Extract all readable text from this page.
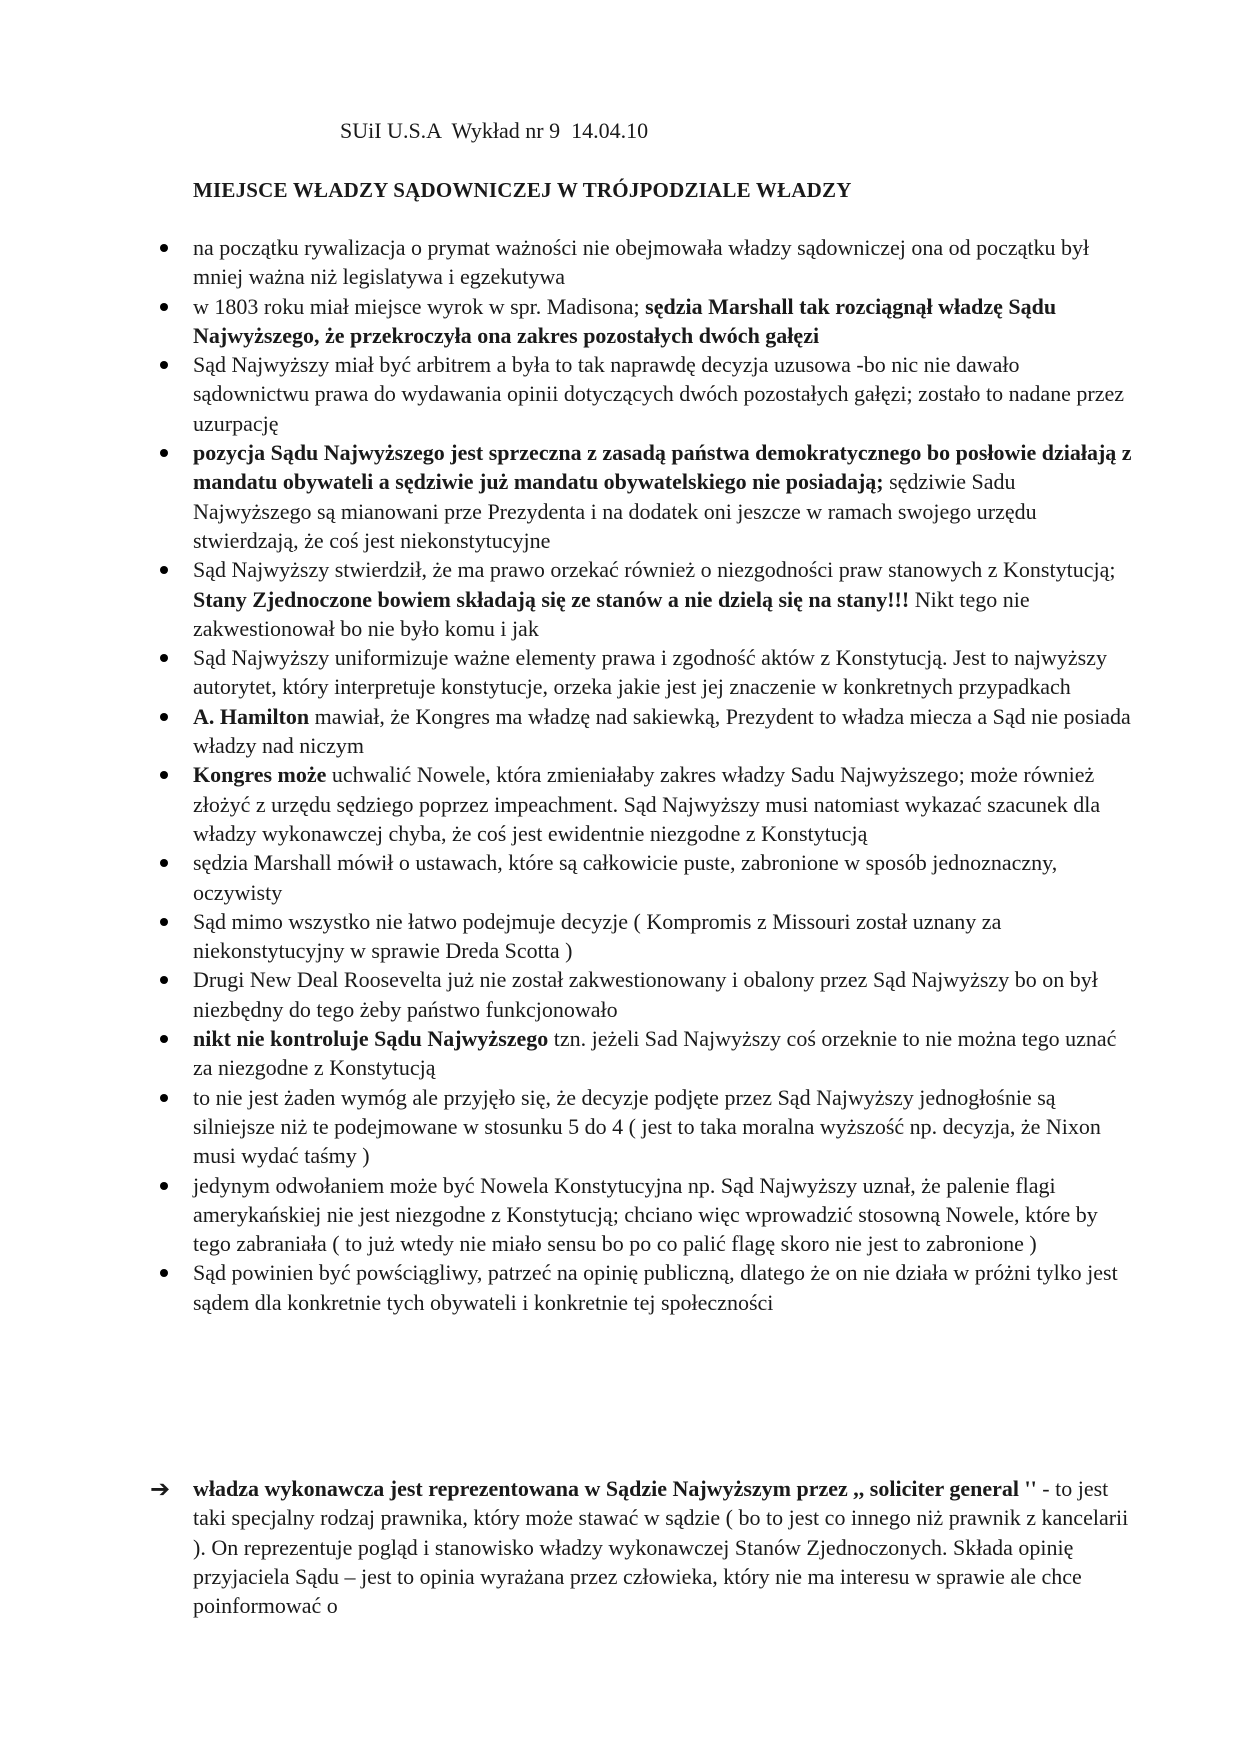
SUiI U.S.A  Wykład nr 9  14.04.10
MIEJSCE WŁADZY SĄDOWNICZEJ W TRÓJPODZIALE WŁADZY
na początku rywalizacja o prymat ważności nie obejmowała władzy sądowniczej ona od początku był mniej ważna niż legislatywa i egzekutywa
w 1803 roku miał miejsce wyrok w spr. Madisona; sędzia Marshall tak rozciągnął władzę Sądu Najwyższego, że przekroczyła ona zakres pozostałych dwóch gałęzi
Sąd Najwyższy miał być arbitrem a była to tak naprawdę decyzja uzusowa -bo nic nie dawało sądownictwu prawa do wydawania opinii dotyczących dwóch pozostałych gałęzi; zostało to nadane przez uzurpację
pozycja Sądu Najwyższego jest sprzeczna z zasadą państwa demokratycznego bo posłowie działają z mandatu obywateli a sędziwie już mandatu obywatelskiego nie posiadają; sędziwie Sadu Najwyższego są mianowani prze Prezydenta i na dodatek oni jeszcze w ramach swojego urzędu stwierdzają, że coś jest niekonstytucyjne
Sąd Najwyższy stwierdził, że ma prawo orzekać również o niezgodności praw stanowych z Konstytucją; Stany Zjednoczone bowiem składają się ze stanów a nie dzielą się na stany!!! Nikt tego nie zakwestionował bo nie było komu i jak
Sąd Najwyższy uniformizuje ważne elementy prawa i zgodność aktów z Konstytucją. Jest to najwyższy autorytet, który interpretuje konstytucje, orzeka jakie jest jej znaczenie w konkretnych przypadkach
A. Hamilton mawiał, że Kongres ma władzę nad sakiewką, Prezydent to władza miecza a Sąd nie posiada władzy nad niczym
Kongres może uchwalić Nowele, która zmieniałaby zakres władzy Sadu Najwyższego; może również złożyć z urzędu sędziego poprzez impeachment. Sąd Najwyższy musi natomiast wykazać szacunek dla władzy wykonawczej chyba, że coś jest ewidentnie niezgodne z Konstytucją
sędzia Marshall mówił o ustawach, które są całkowicie puste, zabronione w sposób jednoznaczny, oczywisty
Sąd mimo wszystko nie łatwo podejmuje decyzje ( Kompromis z Missouri został uznany za niekonstytucyjny w sprawie Dreda Scotta )
Drugi New Deal Roosevelta już nie został zakwestionowany i obalony przez Sąd Najwyższy bo on był niezbędny do tego żeby państwo funkcjonowało
nikt nie kontroluje Sądu Najwyższego tzn. jeżeli Sad Najwyższy coś orzeknie to nie można tego uznać za niezgodne z Konstytucją
to nie jest żaden wymóg ale przyjęło się, że decyzje podjęte przez Sąd Najwyższy jednogłośnie są silniejsze niż te podejmowane w stosunku 5 do 4 ( jest to taka moralna wyższość np. decyzja, że Nixon musi wydać taśmy )
jedynym odwołaniem może być Nowela Konstytucyjna np. Sąd Najwyższy uznał, że palenie flagi amerykańskiej nie jest niezgodne z Konstytucją; chciano więc wprowadzić stosowną Nowele, które by tego zabraniała ( to już wtedy nie miało sensu bo po co palić flagę skoro nie jest to zabronione )
Sąd powinien być powściągliwy, patrzeć na opinię publiczną, dlatego że on nie działa w próżni tylko jest sądem dla konkretnie tych obywateli i konkretnie tej społeczności
➔ władza wykonawcza jest reprezentowana w Sądzie Najwyższym przez ,, soliciter general '' - to jest taki specjalny rodzaj prawnika, który może stawać w sądzie ( bo to jest co innego niż prawnik z kancelarii ). On reprezentuje pogląd i stanowisko władzy wykonawczej Stanów Zjednoczonych. Składa opinię przyjaciela Sądu – jest to opinia wyrażana przez człowieka, który nie ma interesu w sprawie ale chce poinformować o
